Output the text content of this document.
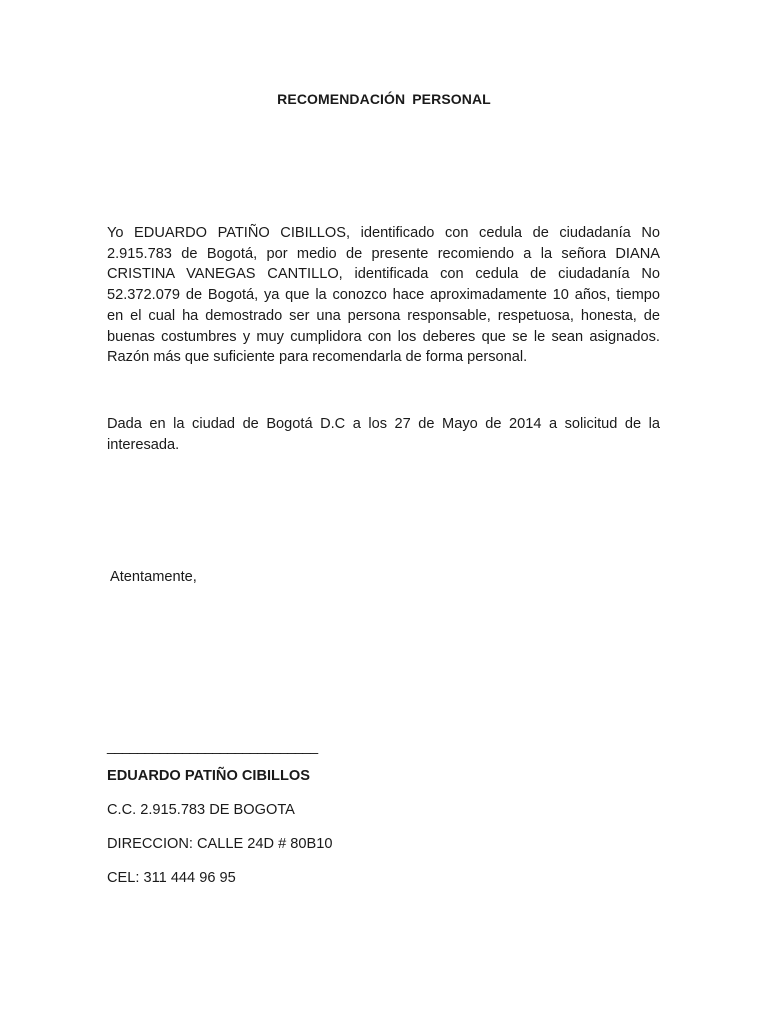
RECOMENDACIÓN PERSONAL

Yo EDUARDO PATIÑO CIBILLOS, identificado con cedula de ciudadanía No 2.915.783 de Bogotá, por medio de presente recomiendo a la señora DIANA CRISTINA VANEGAS CANTILLO, identificada con cedula de ciudadanía No 52.372.079 de Bogotá, ya que la conozco hace aproximadamente 10 años, tiempo en el cual ha demostrado ser una persona responsable, respetuosa, honesta, de buenas costumbres y muy cumplidora con los deberes que se le sean asignados. Razón más que suficiente para recomendarla de forma personal.

Dada en la ciudad de Bogotá D.C a los 27 de Mayo de 2014 a solicitud de la interesada.

Atentamente,

____________________________

EDUARDO PATIÑO CIBILLOS

C.C. 2.915.783 DE BOGOTA

DIRECCION: CALLE 24D # 80B10

CEL: 311 444 96 95
